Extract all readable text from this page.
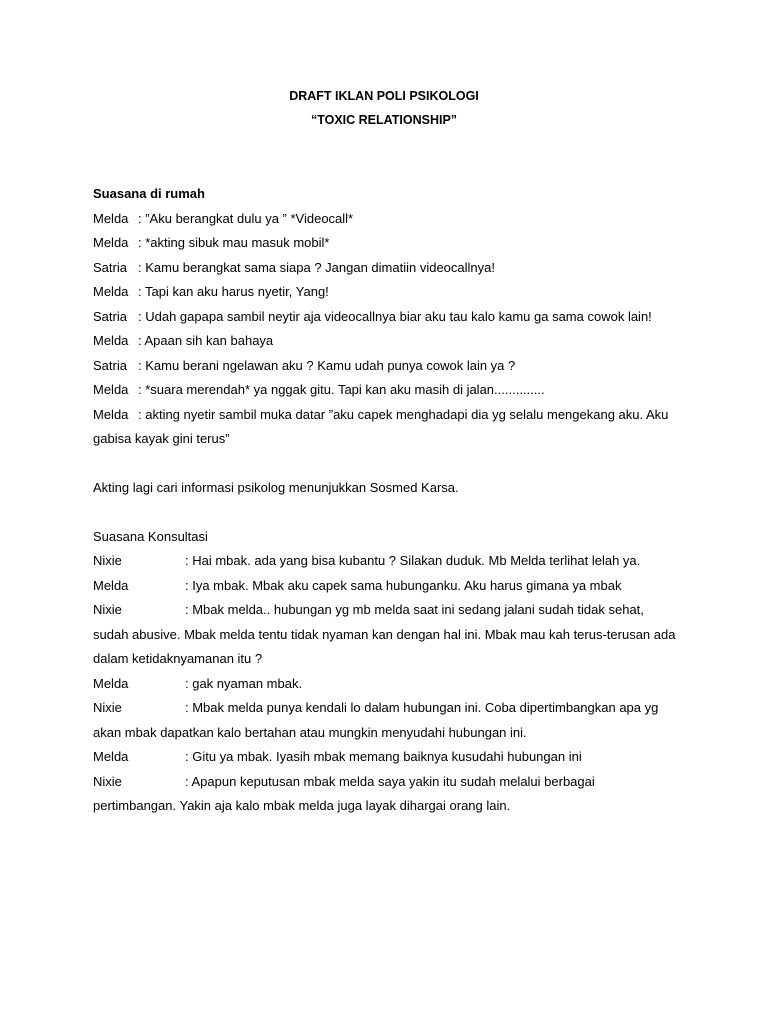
DRAFT IKLAN POLI PSIKOLOGI
“TOXIC RELATIONSHIP”
Suasana di rumah
Melda : ”Aku berangkat dulu ya ” *Videocall*
Melda : *akting sibuk mau masuk mobil*
Satria : Kamu berangkat sama siapa ? Jangan dimatiin videocallnya!
Melda : Tapi kan aku harus nyetir, Yang!
Satria : Udah gapapa sambil neytir aja videocallnya biar aku tau kalo kamu ga sama cowok lain!
Melda : Apaan sih kan bahaya
Satria : Kamu berani ngelawan aku ? Kamu udah punya cowok lain ya ?
Melda : *suara merendah* ya nggak gitu. Tapi kan aku masih di jalan..............
Melda : akting nyetir sambil muka datar ”aku capek menghadapi dia yg selalu mengekang aku. Aku
gabisa kayak gini terus”
Akting lagi cari informasi psikolog menunjukkan Sosmed Karsa.
Suasana Konsultasi
Nixie	: Hai mbak. ada yang bisa kubantu ? Silakan duduk. Mb Melda terlihat lelah ya.
Melda	: Iya mbak. Mbak aku capek sama hubunganku. Aku harus gimana ya mbak
Nixie	: Mbak melda.. hubungan yg mb melda saat ini sedang jalani sudah tidak sehat,
sudah abusive. Mbak melda tentu tidak nyaman kan dengan hal ini. Mbak mau kah terus-terusan ada
dalam ketidaknyamanan itu ?
Melda	: gak nyaman mbak.
Nixie	: Mbak melda punya kendali lo dalam hubungan ini. Coba dipertimbangkan apa yg
akan mbak dapatkan kalo bertahan atau mungkin menyudahi hubungan ini.
Melda	: Gitu ya mbak. Iyasih mbak memang baiknya kusudahi hubungan ini
Nixie	: Apapun keputusan mbak melda saya yakin itu sudah melalui berbagai
pertimbangan. Yakin aja kalo mbak melda juga layak dihargai orang lain.
